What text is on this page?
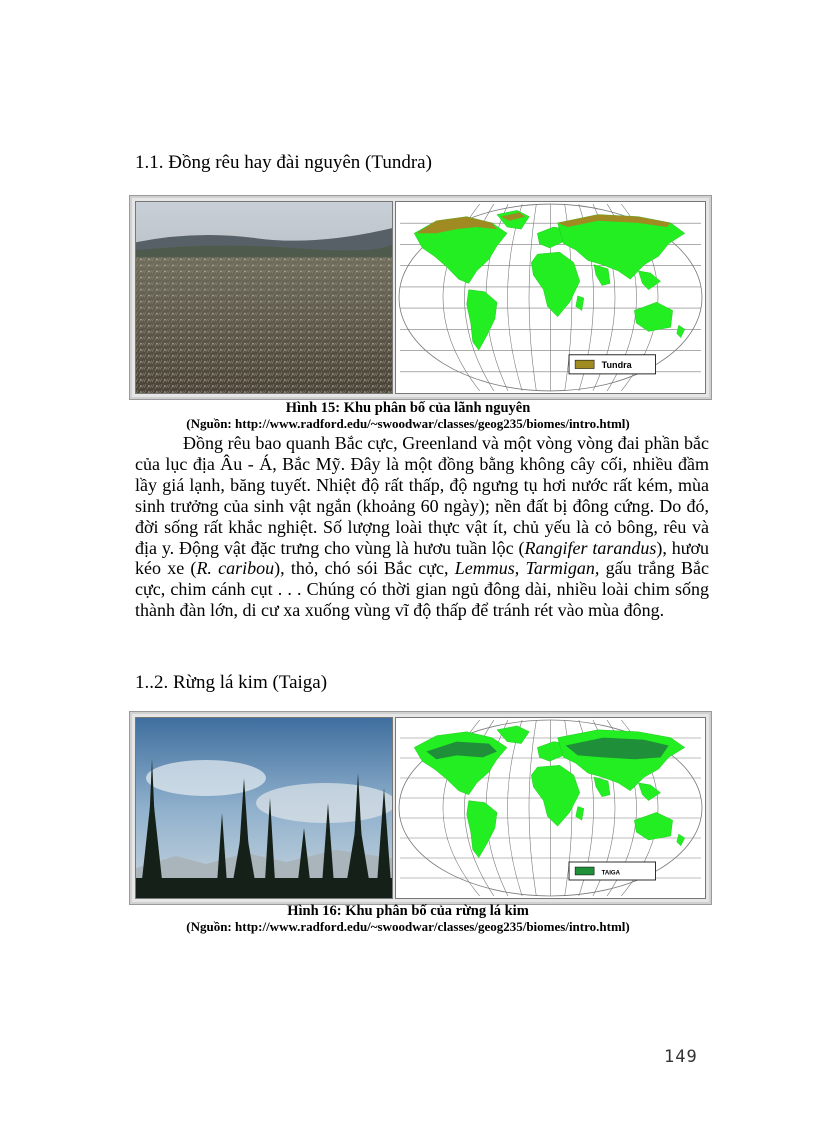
1.1. Đồng rêu hay đài nguyên (Tundra)
Tundra
Hình 15: Khu phân bố của lãnh nguyên
(Nguồn: http://www.radford.edu/~swoodwar/classes/geog235/biomes/intro.html)

Đồng rêu bao quanh Bắc cực, Greenland và một vòng vòng đai phần bắc của lục địa Âu - Á, Bắc Mỹ. Đây là một đồng bằng không cây cối, nhiều đầm lầy giá lạnh, băng tuyết. Nhiệt độ rất thấp, độ ngưng tụ hơi nước rất kém, mùa sinh trưởng của sinh vật ngắn (khoảng 60 ngày); nền đất bị đông cứng. Do đó, đời sống rất khắc nghiệt. Số lượng loài thực vật ít, chủ yếu là cỏ bông, rêu và địa y. Động vật đặc trưng cho vùng là hươu tuần lộc (Rangifer tarandus), hươu kéo xe (R. caribou), thỏ, chó sói Bắc cực, Lemmus, Tarmigan, gấu trắng Bắc cực, chim cánh cụt . . . Chúng có thời gian ngủ đông dài, nhiều loài chim sống thành đàn lớn, di cư xa xuống vùng vĩ độ thấp để tránh rét vào mùa đông.

1..2. Rừng lá kim (Taiga)
TAIGA
Hình 16: Khu phân bố của rừng lá kim
(Nguồn: http://www.radford.edu/~swoodwar/classes/geog235/biomes/intro.html)
149
